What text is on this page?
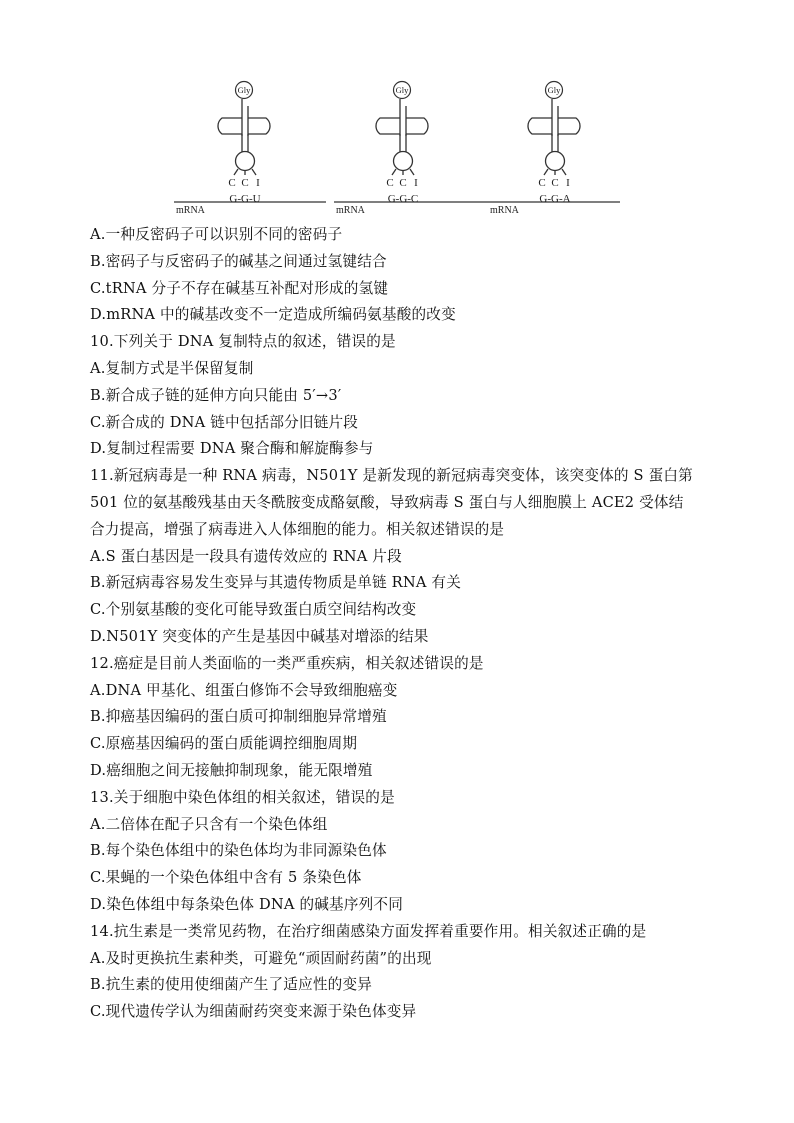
Gly
C C I
mRNA
G-G-U
Gly
C C I
mRNA
G-G-C
Gly
C C I
mRNA
G-G-A
A.一种反密码子可以识别不同的密码子
B.密码子与反密码子的碱基之间通过氢键结合
C.tRNA 分子不存在碱基互补配对形成的氢键
D.mRNA 中的碱基改变不一定造成所编码氨基酸的改变
10.下列关于 DNA 复制特点的叙述，错误的是
A.复制方式是半保留复制
B.新合成子链的延伸方向只能由 5′→3′
C.新合成的 DNA 链中包括部分旧链片段
D.复制过程需要 DNA 聚合酶和解旋酶参与
11.新冠病毒是一种 RNA 病毒，N501Y 是新发现的新冠病毒突变体，该突变体的 S 蛋白第
501 位的氨基酸残基由天冬酰胺变成酪氨酸，导致病毒 S 蛋白与人细胞膜上 ACE2 受体结
合力提高，增强了病毒进入人体细胞的能力。相关叙述错误的是
A.S 蛋白基因是一段具有遗传效应的 RNA 片段
B.新冠病毒容易发生变异与其遗传物质是单链 RNA 有关
C.个别氨基酸的变化可能导致蛋白质空间结构改变
D.N501Y 突变体的产生是基因中碱基对增添的结果
12.癌症是目前人类面临的一类严重疾病，相关叙述错误的是
A.DNA 甲基化、组蛋白修饰不会导致细胞癌变
B.抑癌基因编码的蛋白质可抑制细胞异常增殖
C.原癌基因编码的蛋白质能调控细胞周期
D.癌细胞之间无接触抑制现象，能无限增殖
13.关于细胞中染色体组的相关叙述，错误的是
A.二倍体在配子只含有一个染色体组
B.每个染色体组中的染色体均为非同源染色体
C.果蝇的一个染色体组中含有 5 条染色体
D.染色体组中每条染色体 DNA 的碱基序列不同
14.抗生素是一类常见药物，在治疗细菌感染方面发挥着重要作用。相关叙述正确的是
A.及时更换抗生素种类，可避免“顽固耐药菌”的出现
B.抗生素的使用使细菌产生了适应性的变异
C.现代遗传学认为细菌耐药突变来源于染色体变异
